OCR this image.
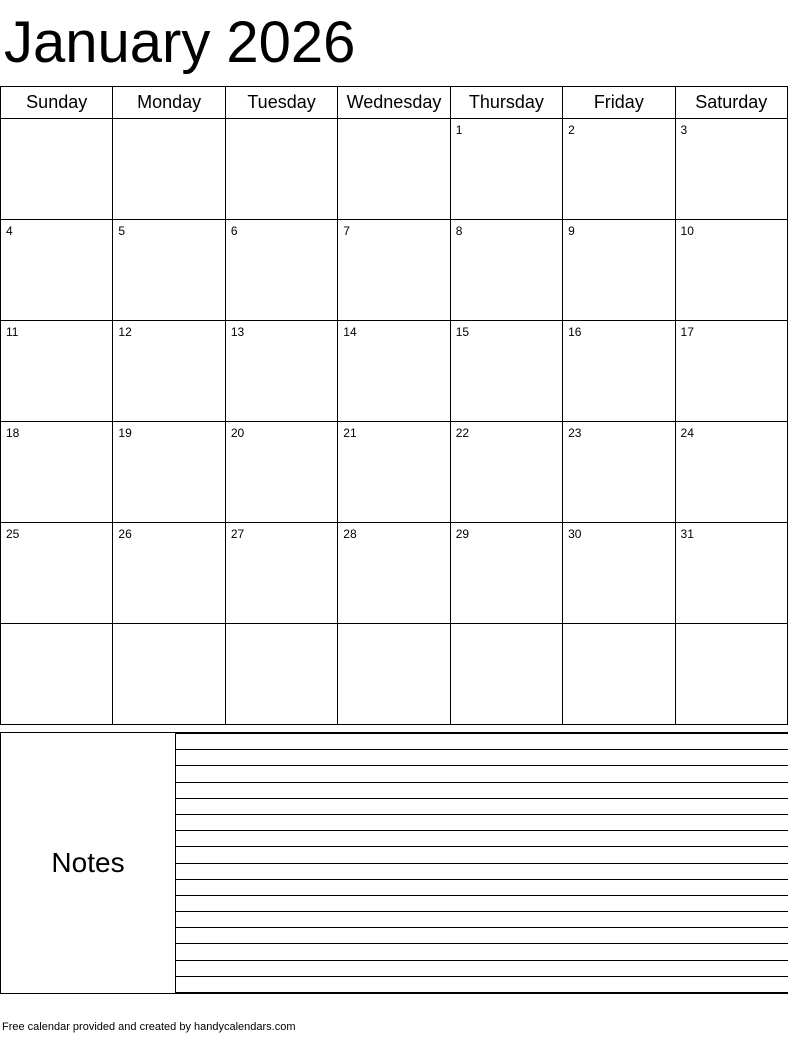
January 2026
Sunday	Monday	Tuesday	Wednesday	Thursday	Friday	Saturday

				1	2	3

4	5	6	7	8	9	10

11	12	13	14	15	16	17

18	19	20	21	22	23	24

25	26	27	28	29	30	31

Notes
Free calendar provided and created by handycalendars.com
